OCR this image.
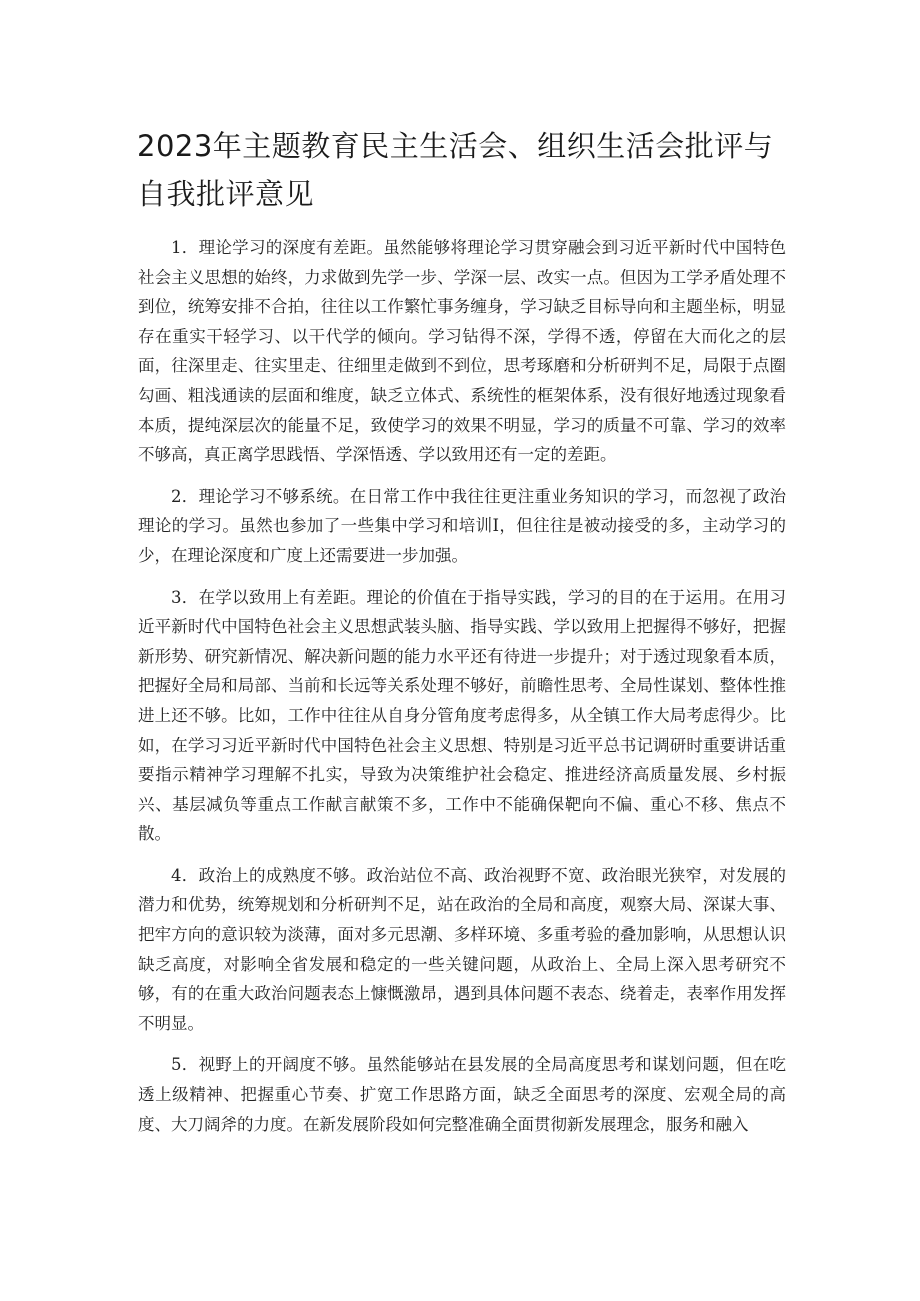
2023年主题教育民主生活会、组织生活会批评与自我批评意见

1．理论学习的深度有差距。虽然能够将理论学习贯穿融会到习近平新时代中国特色社会主义思想的始终，力求做到先学一步、学深一层、改实一点。但因为工学矛盾处理不到位，统筹安排不合拍，往往以工作繁忙事务缠身，学习缺乏目标导向和主题坐标，明显存在重实干轻学习、以干代学的倾向。学习钻得不深，学得不透，停留在大而化之的层面，往深里走、往实里走、往细里走做到不到位，思考琢磨和分析研判不足，局限于点圈勾画、粗浅通读的层面和维度，缺乏立体式、系统性的框架体系，没有很好地透过现象看本质，提纯深层次的能量不足，致使学习的效果不明显，学习的质量不可靠、学习的效率不够高，真正离学思践悟、学深悟透、学以致用还有一定的差距。

2．理论学习不够系统。在日常工作中我往往更注重业务知识的学习，而忽视了政治理论的学习。虽然也参加了一些集中学习和培训Ⅰ，但往往是被动接受的多，主动学习的少，在理论深度和广度上还需要进一步加强。

3．在学以致用上有差距。理论的价值在于指导实践，学习的目的在于运用。在用习近平新时代中国特色社会主义思想武装头脑、指导实践、学以致用上把握得不够好，把握新形势、研究新情况、解决新问题的能力水平还有待进一步提升；对于透过现象看本质，把握好全局和局部、当前和长远等关系处理不够好，前瞻性思考、全局性谋划、整体性推进上还不够。比如，工作中往往从自身分管角度考虑得多，从全镇工作大局考虑得少。比如，在学习习近平新时代中国特色社会主义思想、特别是习近平总书记调研时重要讲话重要指示精神学习理解不扎实，导致为决策维护社会稳定、推进经济高质量发展、乡村振兴、基层减负等重点工作献言献策不多，工作中不能确保靶向不偏、重心不移、焦点不散。

4．政治上的成熟度不够。政治站位不高、政治视野不宽、政治眼光狭窄，对发展的潜力和优势，统筹规划和分析研判不足，站在政治的全局和高度，观察大局、深谋大事、把牢方向的意识较为淡薄，面对多元思潮、多样环境、多重考验的叠加影响，从思想认识缺乏高度，对影响全省发展和稳定的一些关键问题，从政治上、全局上深入思考研究不够，有的在重大政治问题表态上慷慨激昂，遇到具体问题不表态、绕着走，表率作用发挥不明显。

5．视野上的开阔度不够。虽然能够站在县发展的全局高度思考和谋划问题，但在吃透上级精神、把握重心节奏、扩宽工作思路方面，缺乏全面思考的深度、宏观全局的高度、大刀阔斧的力度。在新发展阶段如何完整准确全面贯彻新发展理念，服务和融入
